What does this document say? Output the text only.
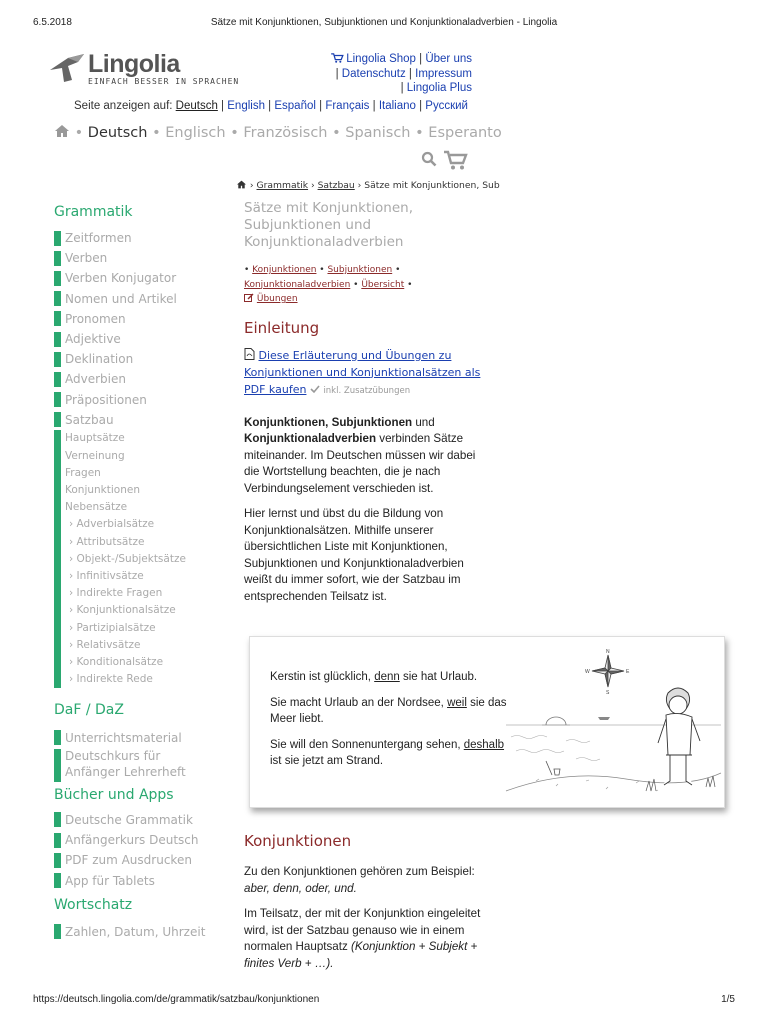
6.5.2018	Sätze mit Konjunktionen, Subjunktionen und Konjunktionaladverbien - Lingolia
https://deutsch.lingolia.com/de/grammatik/satzbau/konjunktionen	1/5
Lingolia
EINFACH BESSER IN SPRACHEN
Lingolia Shop | Über uns
| Datenschutz | Impressum
| Lingolia Plus
Seite anzeigen auf: Deutsch | English | Español | Français | Italiano | Русский
• Deutsch • Englisch • Französisch • Spanisch • Esperanto
› Grammatik › Satzbau › Sätze mit Konjunktionen, Sub
Grammatik
Zeitformen
Verben
Verben Konjugator
Nomen und Artikel
Pronomen
Adjektive
Deklination
Adverbien
Präpositionen
Satzbau
Hauptsätze
Verneinung
Fragen
Konjunktionen
Nebensätze
› Adverbialsätze
› Attributsätze
› Objekt-/Subjektsätze
› Infinitivsätze
› Indirekte Fragen
› Konjunktionalsätze
› Partizipialsätze
› Relativsätze
› Konditionalsätze
› Indirekte Rede
DaF / DaZ
Unterrichtsmaterial
Deutschkurs für Anfänger Lehrerheft
Bücher und Apps
Deutsche Grammatik
Anfängerkurs Deutsch
PDF zum Ausdrucken
App für Tablets
Wortschatz
Zahlen, Datum, Uhrzeit
Sätze mit Konjunktionen, Subjunktionen und Konjunktionaladverbien
• Konjunktionen • Subjunktionen • Konjunktionaladverbien • Übersicht •
Übungen
Einleitung
Diese Erläuterung und Übungen zu Konjunktionen und Konjunktionalsätzen als PDF kaufen inkl. Zusatzübungen

Konjunktionen, Subjunktionen und Konjunktionaladverbien verbinden Sätze miteinander. Im Deutschen müssen wir dabei die Wortstellung beachten, die je nach Verbindungselement verschieden ist.

Hier lernst und übst du die Bildung von Konjunktionalsätzen. Mithilfe unserer übersichtlichen Liste mit Konjunktionen, Subjunktionen und Konjunktionaladverbien weißt du immer sofort, wie der Satzbau im entsprechenden Teilsatz ist.

Kerstin ist glücklich, denn sie hat Urlaub.
Sie macht Urlaub an der Nordsee, weil sie das Meer liebt.
Sie will den Sonnenuntergang sehen, deshalb ist sie jetzt am Strand.
N
S
E
W
Konjunktionen

Zu den Konjunktionen gehören zum Beispiel: aber, denn, oder, und.

Im Teilsatz, der mit der Konjunktion eingeleitet wird, ist der Satzbau genauso wie in einem normalen Hauptsatz (Konjunktion + Subjekt + finites Verb + …).
